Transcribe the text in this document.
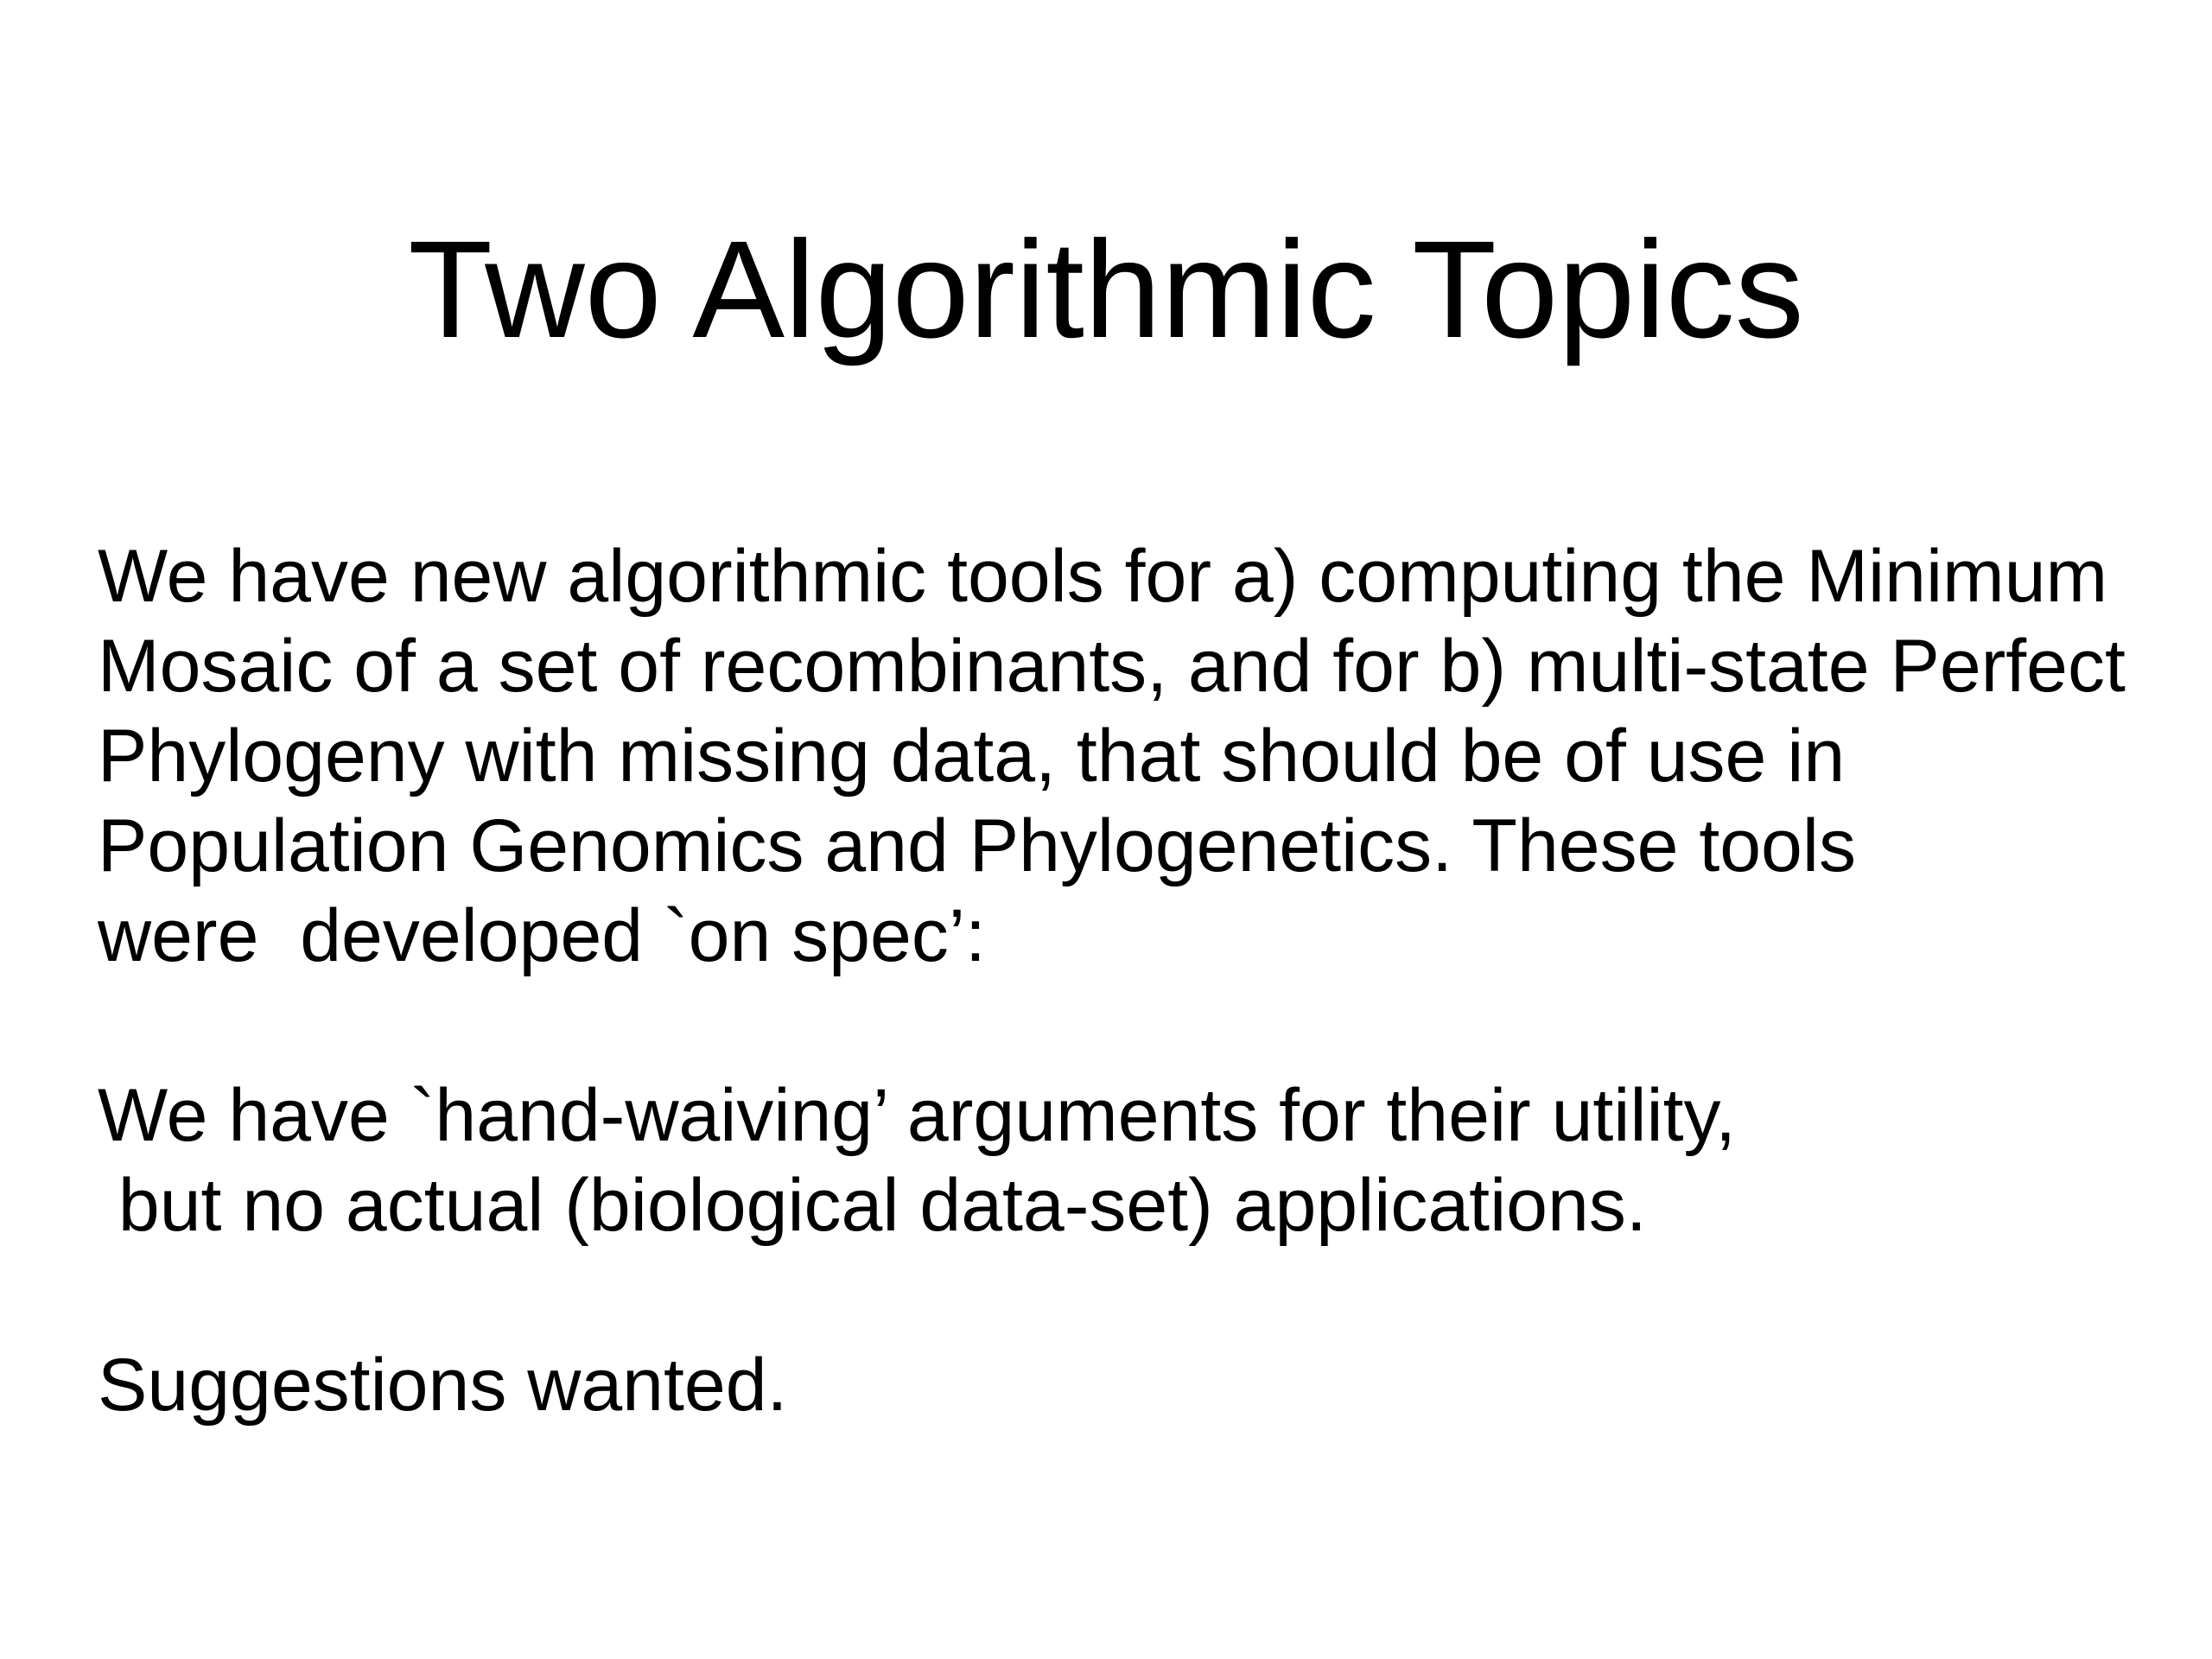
Two Algorithmic Topics
We have new algorithmic tools for a) computing the Minimum
Mosaic of a set of recombinants, and for b) multi-state Perfect
Phylogeny with missing data, that should be of use in
Population Genomics and Phylogenetics. These tools
were  developed `on spec’:
We have `hand-waiving’ arguments for their utility,
but no actual (biological data-set) applications.
Suggestions wanted.
